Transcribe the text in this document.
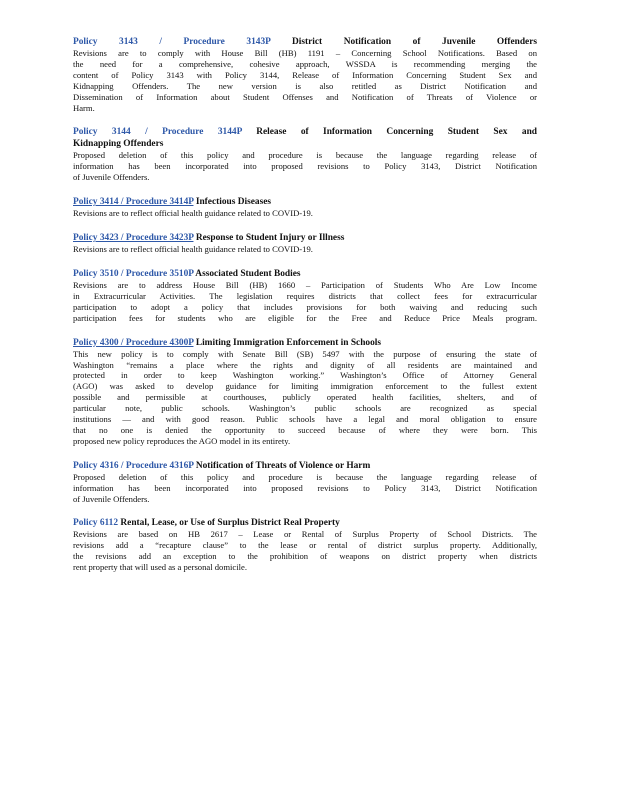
Policy 3143 / Procedure 3143P District Notification of Juvenile Offenders
Revisions are to comply with House Bill (HB) 1191 – Concerning School Notifications. Based on
the need for a comprehensive, cohesive approach, WSSDA is recommending merging the
content of Policy 3143 with Policy 3144, Release of Information Concerning Student Sex and
Kidnapping Offenders. The new version is also retitled as District Notification and
Dissemination of Information about Student Offenses and Notification of Threats of Violence or
Harm.
Policy 3144 / Procedure 3144P Release of Information Concerning Student Sex and
Kidnapping Offenders
Proposed deletion of this policy and procedure is because the language regarding release of
information has been incorporated into proposed revisions to Policy 3143, District Notification
of Juvenile Offenders.
Policy 3414 / Procedure 3414P Infectious Diseases
Revisions are to reflect official health guidance related to COVID-19.
Policy 3423 / Procedure 3423P Response to Student Injury or Illness
Revisions are to reflect official health guidance related to COVID-19.
Policy 3510 / Procedure 3510P Associated Student Bodies
Revisions are to address House Bill (HB) 1660 – Participation of Students Who Are Low Income
in Extracurricular Activities. The legislation requires districts that collect fees for extracurricular
participation to adopt a policy that includes provisions for both waiving and reducing such
participation fees for students who are eligible for the Free and Reduce Price Meals program.
Policy 4300 / Procedure 4300P Limiting Immigration Enforcement in Schools
This new policy is to comply with Senate Bill (SB) 5497 with the purpose of ensuring the state of
Washington “remains a place where the rights and dignity of all residents are maintained and
protected in order to keep Washington working.” Washington’s Office of Attorney General
(AGO) was asked to develop guidance for limiting immigration enforcement to the fullest extent
possible and permissible at courthouses, publicly operated health facilities, shelters, and of
particular note, public schools. Washington’s public schools are recognized as special
institutions — and with good reason. Public schools have a legal and moral obligation to ensure
that no one is denied the opportunity to succeed because of where they were born. This
proposed new policy reproduces the AGO model in its entirety.
Policy 4316 / Procedure 4316P Notification of Threats of Violence or Harm
Proposed deletion of this policy and procedure is because the language regarding release of
information has been incorporated into proposed revisions to Policy 3143, District Notification
of Juvenile Offenders.
Policy 6112 Rental, Lease, or Use of Surplus District Real Property
Revisions are based on HB 2617 – Lease or Rental of Surplus Property of School Districts. The
revisions add a “recapture clause” to the lease or rental of district surplus property. Additionally,
the revisions add an exception to the prohibition of weapons on district property when districts
rent property that will used as a personal domicile.
